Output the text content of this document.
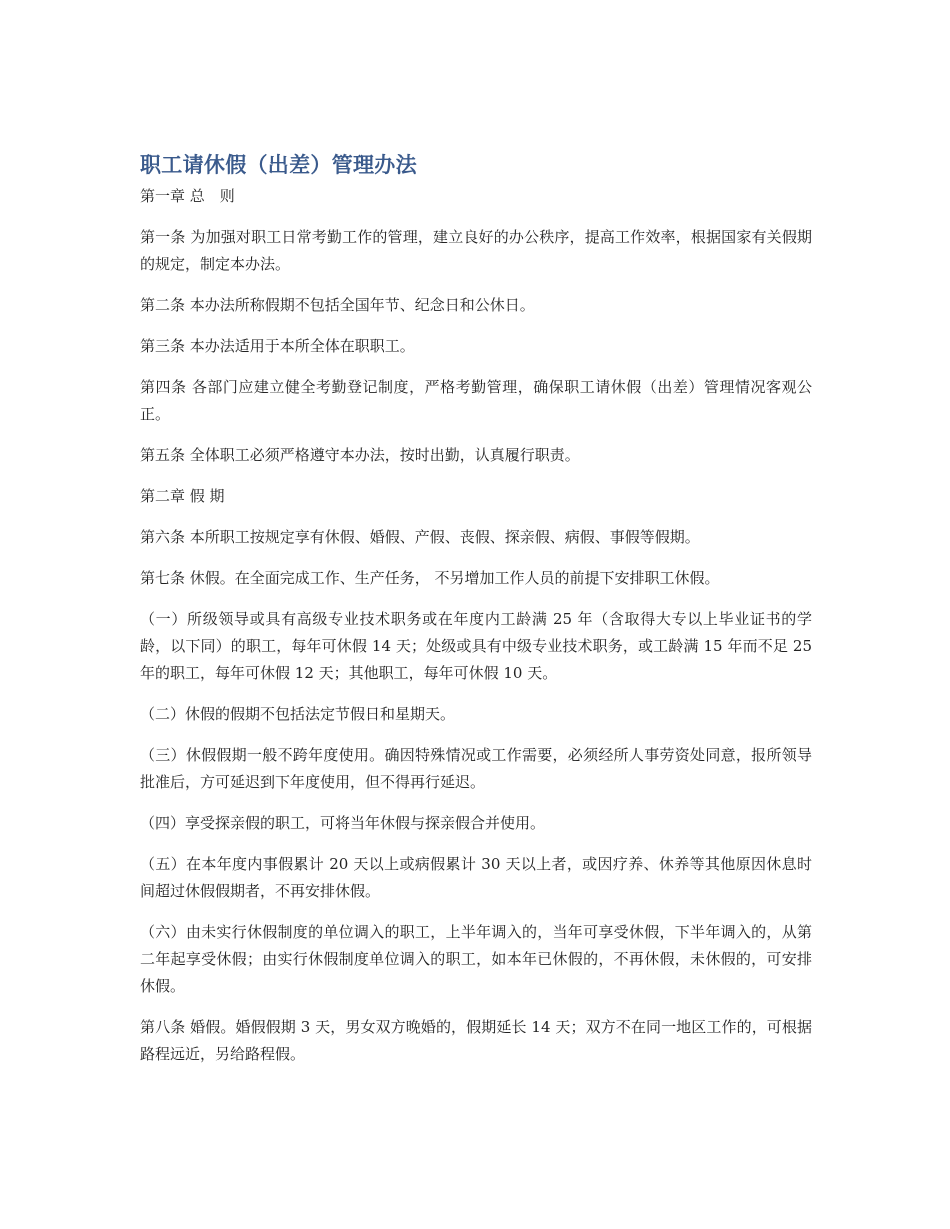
职工请休假（出差）管理办法

第一章 总　则

第一条 为加强对职工日常考勤工作的管理，建立良好的办公秩序，提高工作效率，根据国家有关假期的规定，制定本办法。

第二条 本办法所称假期不包括全国年节、纪念日和公休日。

第三条 本办法适用于本所全体在职职工。

第四条 各部门应建立健全考勤登记制度，严格考勤管理，确保职工请休假（出差）管理情况客观公正。

第五条 全体职工必须严格遵守本办法，按时出勤，认真履行职责。

第二章 假 期

第六条 本所职工按规定享有休假、婚假、产假、丧假、探亲假、病假、事假等假期。

第七条 休假。在全面完成工作、生产任务， 不另增加工作人员的前提下安排职工休假。

（一）所级领导或具有高级专业技术职务或在年度内工龄满 25 年（含取得大专以上毕业证书的学龄，以下同）的职工，每年可休假 14 天；处级或具有中级专业技术职务，或工龄满 15 年而不足 25 年的职工，每年可休假 12 天；其他职工，每年可休假 10 天。

（二）休假的假期不包括法定节假日和星期天。

（三）休假假期一般不跨年度使用。确因特殊情况或工作需要，必须经所人事劳资处同意，报所领导批准后，方可延迟到下年度使用，但不得再行延迟。

（四）享受探亲假的职工，可将当年休假与探亲假合并使用。

（五）在本年度内事假累计 20 天以上或病假累计 30 天以上者，或因疗养、休养等其他原因休息时间超过休假假期者，不再安排休假。

（六）由未实行休假制度的单位调入的职工，上半年调入的，当年可享受休假，下半年调入的，从第二年起享受休假；由实行休假制度单位调入的职工，如本年已休假的，不再休假，未休假的，可安排休假。

第八条 婚假。婚假假期 3 天，男女双方晚婚的，假期延长 14 天；双方不在同一地区工作的，可根据路程远近，另给路程假。
